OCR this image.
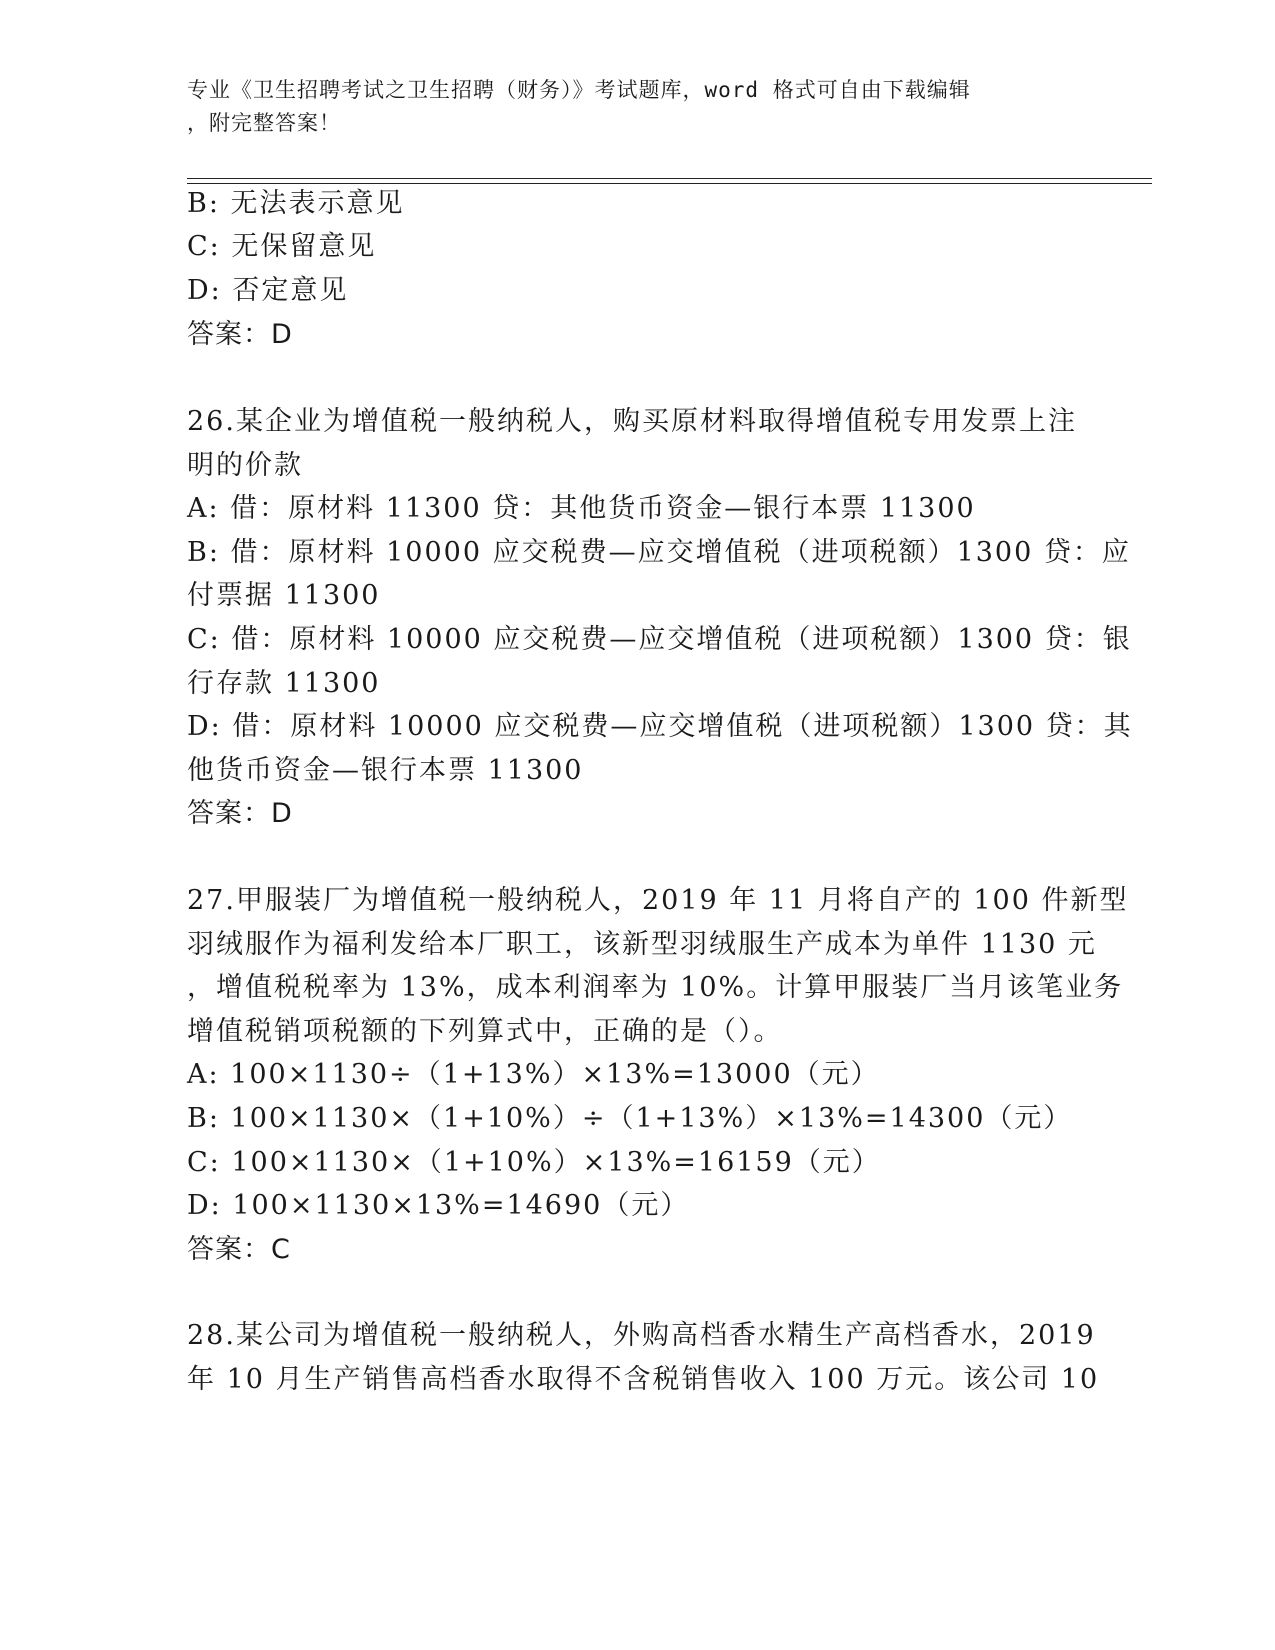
专业《卫生招聘考试之卫生招聘（财务）》考试题库，word 格式可自由下载编辑
，附完整答案！
B: 无法表示意见
C: 无保留意见
D: 否定意见
答案：D
26.某企业为增值税一般纳税人，购买原材料取得增值税专用发票上注
明的价款
A: 借：原材料 11300 贷：其他货币资金—银行本票 11300
B: 借：原材料 10000 应交税费—应交增值税（进项税额）1300 贷：应
付票据 11300
C: 借：原材料 10000 应交税费—应交增值税（进项税额）1300 贷：银
行存款 11300
D: 借：原材料 10000 应交税费—应交增值税（进项税额）1300 贷：其
他货币资金—银行本票 11300
答案：D
27.甲服装厂为增值税一般纳税人，2019 年 11 月将自产的 100 件新型
羽绒服作为福利发给本厂职工，该新型羽绒服生产成本为单件 1130 元
，增值税税率为 13%，成本利润率为 10%。计算甲服装厂当月该笔业务
增值税销项税额的下列算式中，正确的是（）。
A: 100×1130÷（1+13%）×13%=13000（元）
B: 100×1130×（1+10%）÷（1+13%）×13%=14300（元）
C: 100×1130×（1+10%）×13%=16159（元）
D: 100×1130×13%=14690（元）
答案：C
28.某公司为增值税一般纳税人，外购高档香水精生产高档香水，2019
年 10 月生产销售高档香水取得不含税销售收入 100 万元。该公司 10
